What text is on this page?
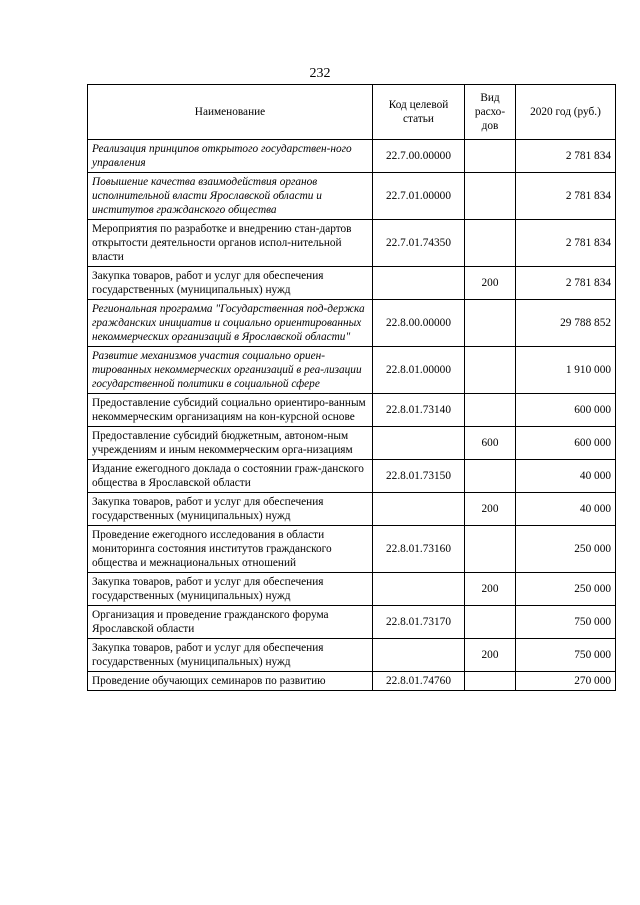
232
Наименование	Код целевой статьи	Вид расхо-дов	2020 год (руб.)
Реализация принципов открытого государствен-ного управления	22.7.00.00000		2 781 834
Повышение качества взаимодействия органов исполнительной власти Ярославской области и институтов гражданского общества	22.7.01.00000		2 781 834
Мероприятия по разработке и внедрению стан-дартов открытости деятельности органов испол-нительной власти	22.7.01.74350		2 781 834
Закупка товаров, работ и услуг для обеспечения государственных (муниципальных) нужд		200	2 781 834
Региональная программа "Государственная под-держка гражданских инициатив и социально ориентированных некоммерческих организаций в Ярославской области"	22.8.00.00000		29 788 852
Развитие механизмов участия социально ориен-тированных некоммерческих организаций в реа-лизации государственной политики в социальной сфере	22.8.01.00000		1 910 000
Предоставление субсидий социально ориентиро-ванным некоммерческим организациям на кон-курсной основе	22.8.01.73140		600 000
Предоставление субсидий бюджетным, автоном-ным учреждениям и иным некоммерческим орга-низациям		600	600 000
Издание ежегодного доклада о состоянии граж-данского общества в Ярославской области	22.8.01.73150		40 000
Закупка товаров, работ и услуг для обеспечения государственных (муниципальных) нужд		200	40 000
Проведение ежегодного исследования в области мониторинга состояния институтов гражданского общества и межнациональных отношений	22.8.01.73160		250 000
Закупка товаров, работ и услуг для обеспечения государственных (муниципальных) нужд		200	250 000
Организация и проведение гражданского форума Ярославской области	22.8.01.73170		750 000
Закупка товаров, работ и услуг для обеспечения государственных (муниципальных) нужд		200	750 000
Проведение обучающих семинаров по развитию	22.8.01.74760		270 000
